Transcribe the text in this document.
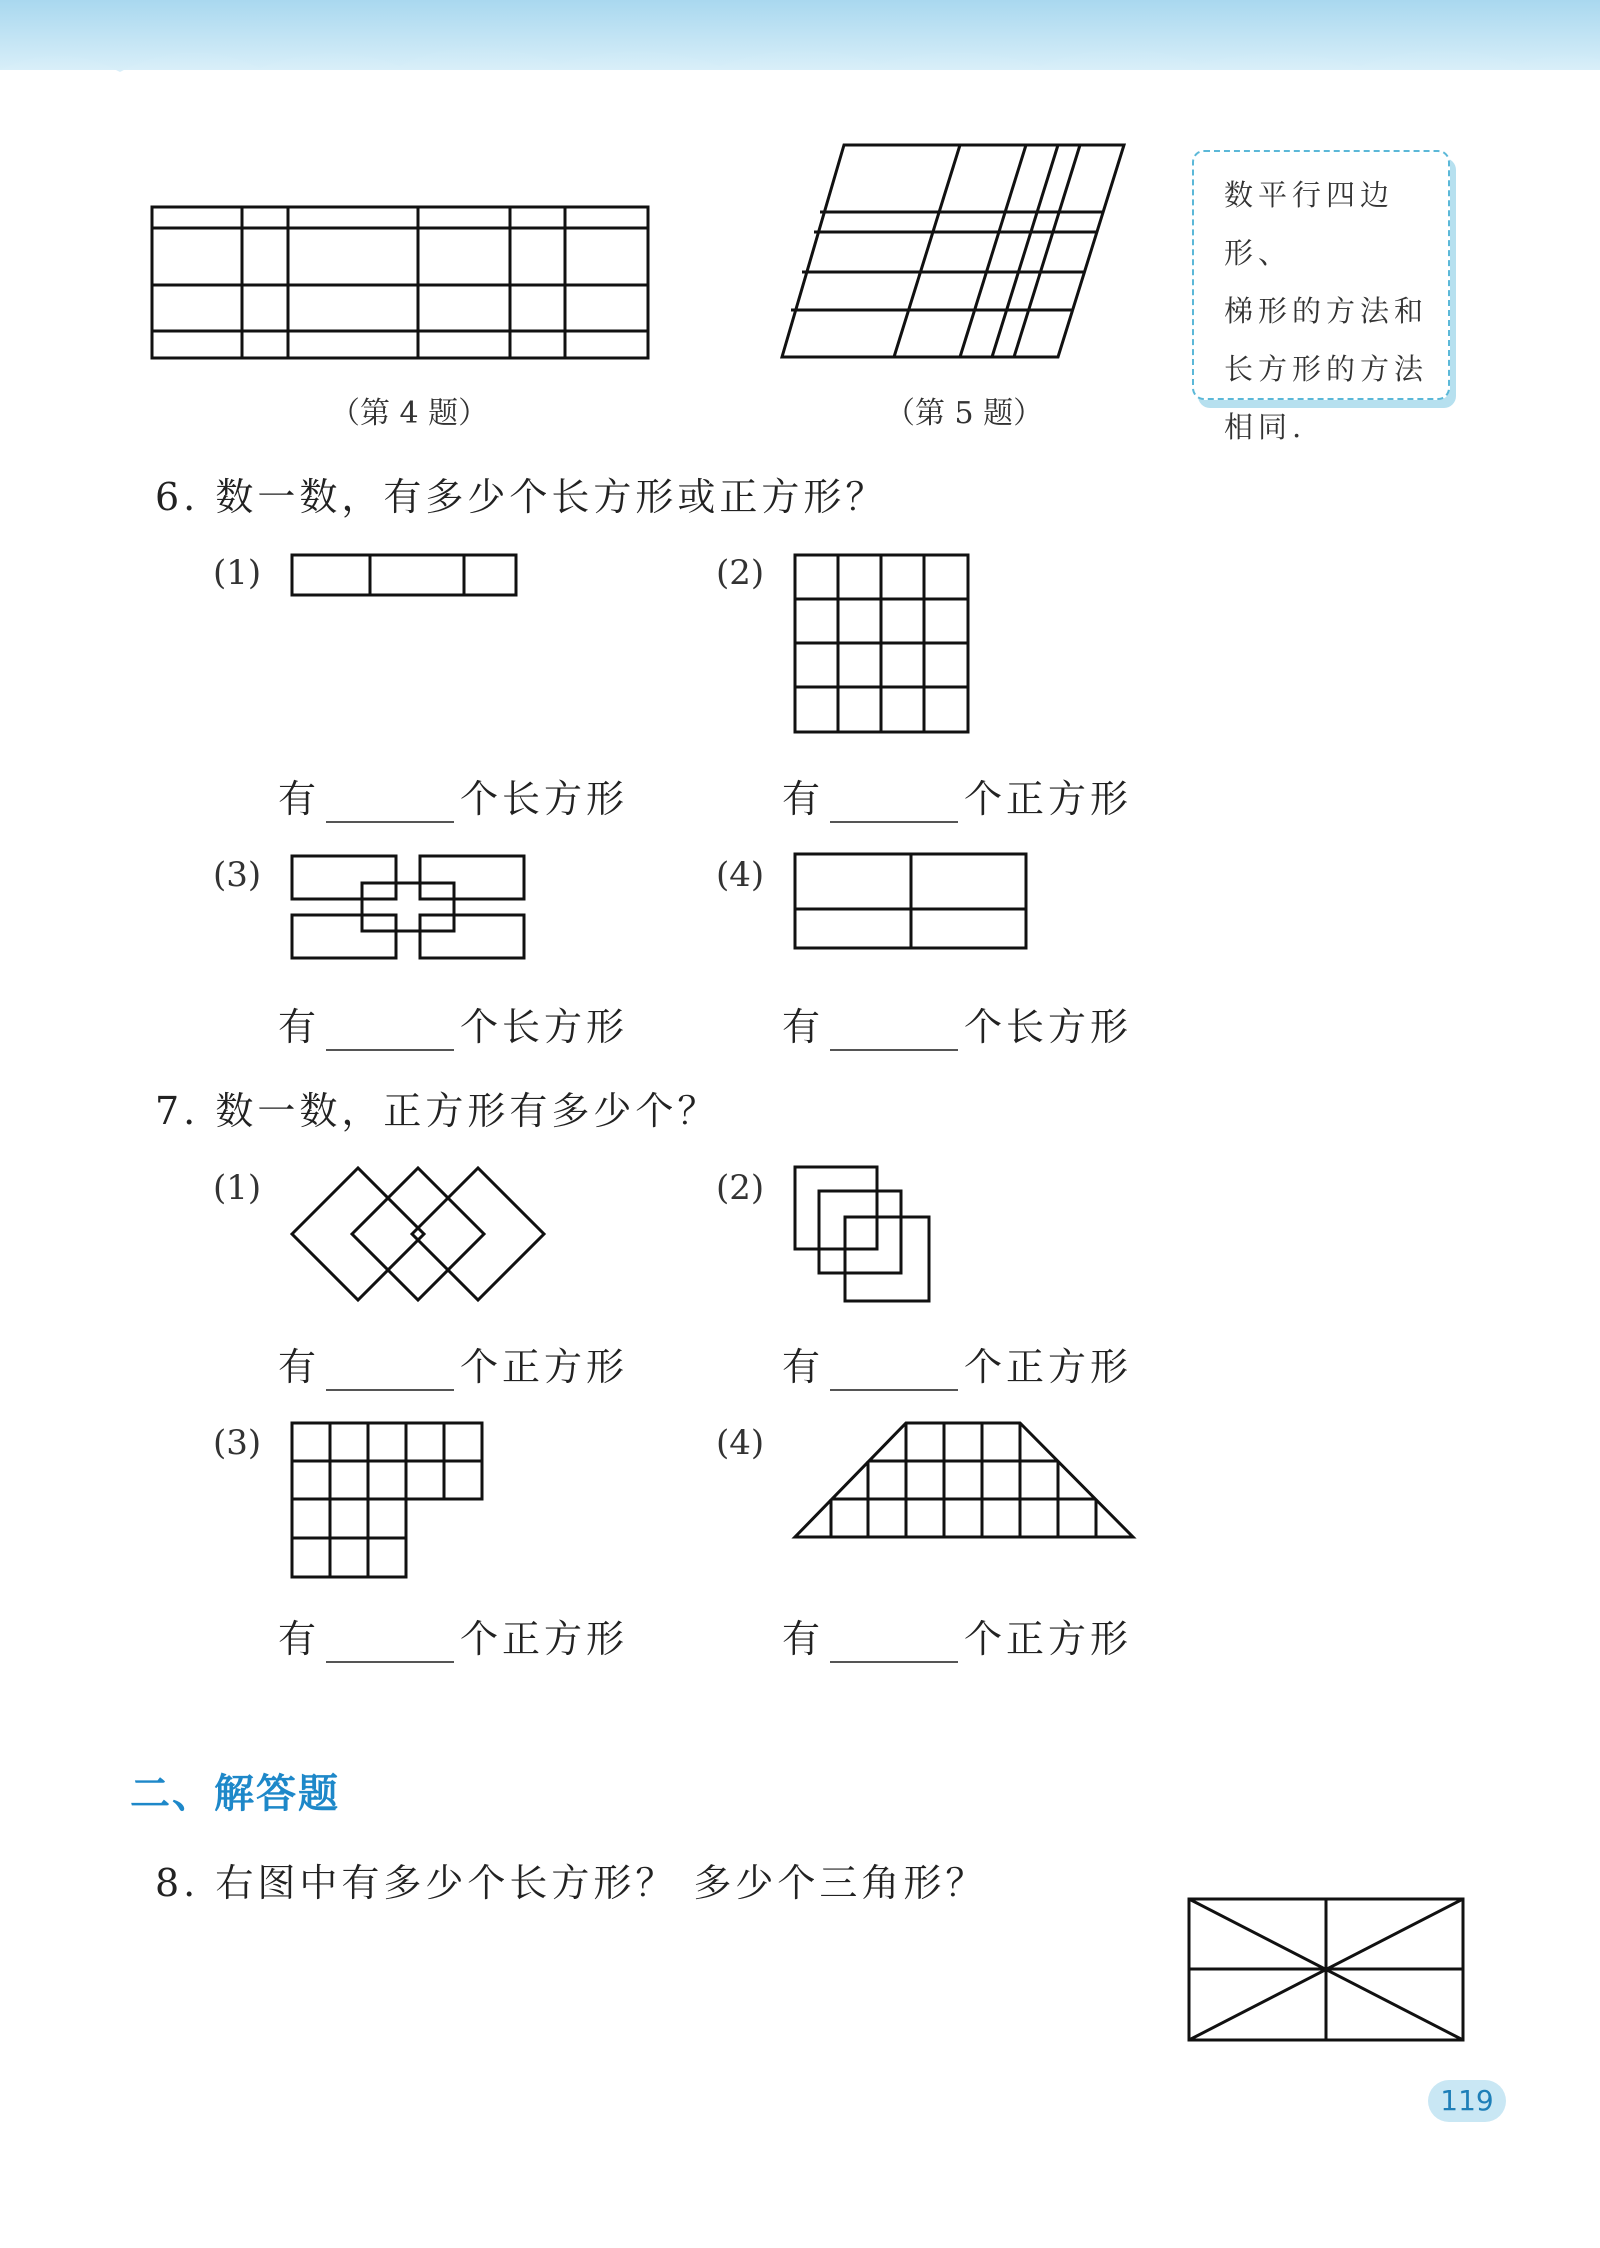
（第 4 题）	（第 5 题）
数平行四边形、
梯形的方法和
长方形的方法
相同.
6. 数一数，有多少个长方形或正方形？
(1)	(2)
有	个长方形	有	个正方形
(3)	(4)
有	个长方形	有	个长方形
7. 数一数，正方形有多少个？
(1)	(2)
有	个正方形	有	个正方形
(3)	(4)
有	个正方形	有	个正方形
二、解答题
8. 右图中有多少个长方形？ 多少个三角形？
119
